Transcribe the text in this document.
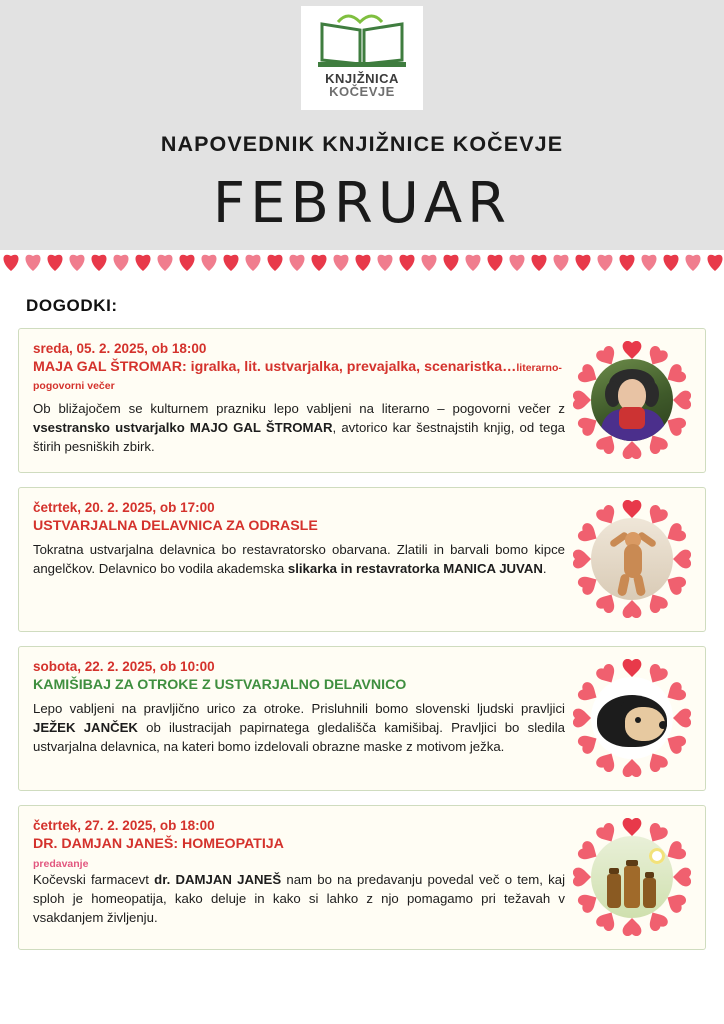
KNJIŽNICA
KOČEVJE
NAPOVEDNIK KNJIŽNICE KOČEVJE
FEBRUAR
DOGODKI:
sreda, 05. 2. 2025, ob 18:00
MAJA GAL ŠTROMAR: igralka, lit. ustvarjalka, prevajalka, scenaristka…literarno-pogovorni večer
Ob bližajočem se kulturnem prazniku lepo vabljeni na literarno – pogovorni večer z vsestransko ustvarjalko MAJO GAL ŠTROMAR, avtorico kar šestnajstih knjig, od tega štirih pesniških zbirk.
četrtek, 20. 2. 2025, ob 17:00
USTVARJALNA DELAVNICA ZA ODRASLE
Tokratna ustvarjalna delavnica bo restavratorsko obarvana. Zlatili in barvali bomo kipce angelčkov. Delavnico bo vodila akademska slikarka in restavratorka MANICA JUVAN.
sobota, 22. 2. 2025, ob 10:00
KAMIŠIBAJ ZA OTROKE Z USTVARJALNO DELAVNICO
Lepo vabljeni na pravljično urico za otroke. Prisluhnili bomo slovenski ljudski pravljici JEŽEK JANČEK ob ilustracijah papirnatega gledališča kamišibaj. Pravljici bo sledila ustvarjalna delavnica, na kateri bomo izdelovali obrazne maske z motivom ježka.
četrtek, 27. 2. 2025, ob 18:00
DR. DAMJAN JANEŠ: HOMEOPATIJA
predavanje
Kočevski farmacevt dr. DAMJAN JANEŠ nam bo na predavanju povedal več o tem, kaj sploh je homeopatija, kako deluje in kako si lahko z njo pomagamo pri težavah v vsakdanjem življenju.
